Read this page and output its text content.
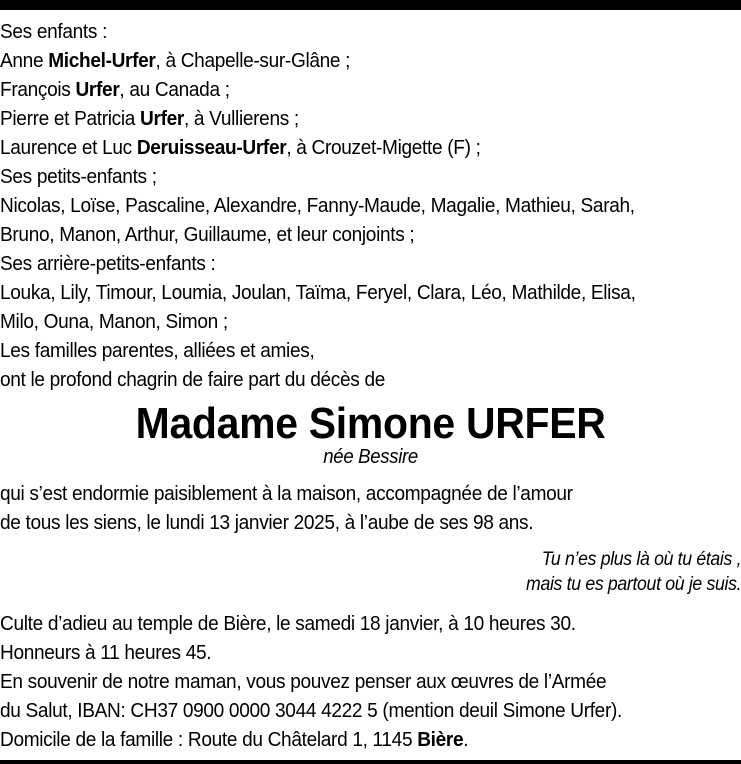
Ses enfants :
Anne Michel-Urfer, à Chapelle-sur-Glâne ;
François Urfer, au Canada ;
Pierre et Patricia Urfer, à Vullierens ;
Laurence et Luc Deruisseau-Urfer, à Crouzet-Migette (F) ;
Ses petits-enfants ;
Nicolas, Loïse, Pascaline, Alexandre, Fanny-Maude, Magalie, Mathieu, Sarah,
Bruno, Manon, Arthur, Guillaume, et leur conjoints ;
Ses arrière-petits-enfants :
Louka, Lily, Timour, Loumia, Joulan, Taïma, Feryel, Clara, Léo, Mathilde, Elisa,
Milo, Ouna, Manon, Simon ;
Les familles parentes, alliées et amies,
ont le profond chagrin de faire part du décès de
Madame Simone URFER
née Bessire
qui s’est endormie paisiblement à la maison, accompagnée de l’amour
de tous les siens, le lundi 13 janvier 2025, à l’aube de ses 98 ans.
Tu n’es plus là où tu étais ,
mais tu es partout où je suis.
Culte d’adieu au temple de Bière, le samedi 18 janvier, à 10 heures 30.
Honneurs à 11 heures 45.
En souvenir de notre maman, vous pouvez penser aux œuvres de l’Armée
du Salut, IBAN: CH37 0900 0000 3044 4222 5 (mention deuil Simone Urfer).
Domicile de la famille : Route du Châtelard 1, 1145 Bière.
